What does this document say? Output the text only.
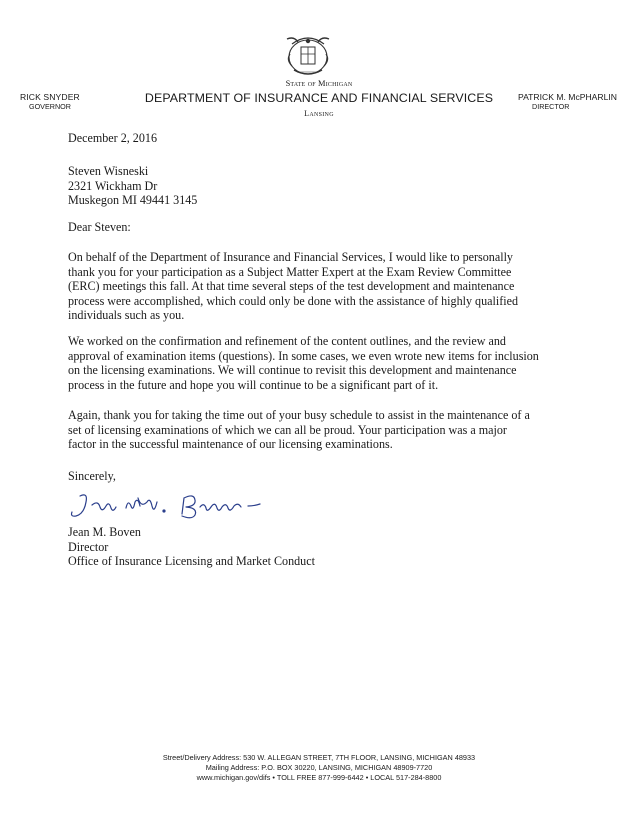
RICK SNYDER
GOVERNOR
State of Michigan
DEPARTMENT OF INSURANCE AND FINANCIAL SERVICES
Lansing
PATRICK M. McPHARLIN
DIRECTOR
December 2, 2016
Steven Wisneski
2321 Wickham Dr
Muskegon MI 49441 3145
Dear Steven:
On behalf of the Department of Insurance and Financial Services, I would like to personally
thank you for your participation as a Subject Matter Expert at the Exam Review Committee
(ERC) meetings this fall. At that time several steps of the test development and maintenance
process were accomplished, which could only be done with the assistance of highly qualified
individuals such as you.
We worked on the confirmation and refinement of the content outlines, and the review and
approval of examination items (questions). In some cases, we even wrote new items for inclusion
on the licensing examinations. We will continue to revisit this development and maintenance
process in the future and hope you will continue to be a significant part of it.
Again, thank you for taking the time out of your busy schedule to assist in the maintenance of a
set of licensing examinations of which we can all be proud. Your participation was a major
factor in the successful maintenance of our licensing examinations.
Sincerely,
Jean M. Boven
Director
Office of Insurance Licensing and Market Conduct
Street/Delivery Address: 530 W. ALLEGAN STREET, 7TH FLOOR, LANSING, MICHIGAN 48933
Mailing Address: P.O. BOX 30220, LANSING, MICHIGAN 48909-7720
www.michigan.gov/difs • TOLL FREE 877-999-6442 • LOCAL 517-284-8800
